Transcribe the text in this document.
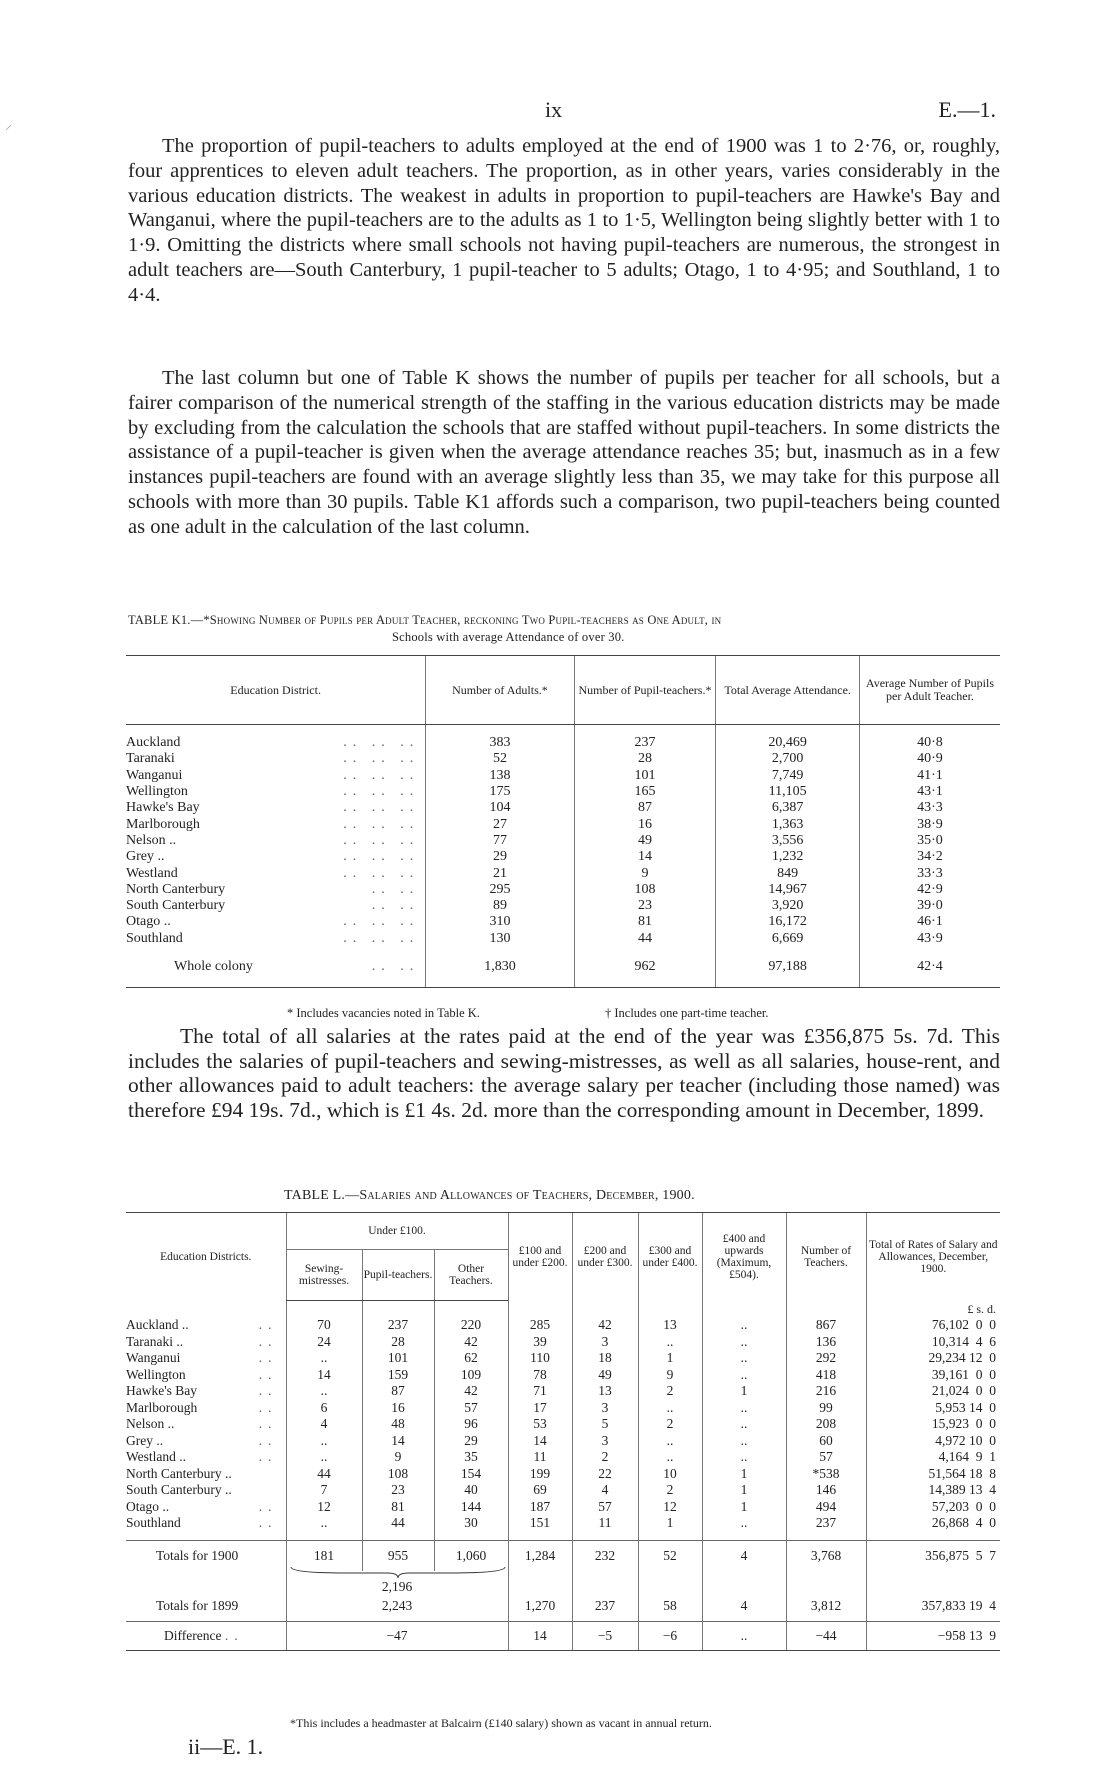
ix	E.—1.
⸝

The proportion of pupil-teachers to adults employed at the end of 1900 was 1 to 2·76, or, roughly, four apprentices to eleven adult teachers. The proportion, as in other years, varies considerably in the various education districts. The weakest in adults in proportion to pupil-teachers are Hawke's Bay and Wanganui, where the pupil-teachers are to the adults as 1 to 1·5, Wellington being slightly better with 1 to 1·9. Omitting the districts where small schools not having pupil-teachers are numerous, the strongest in adult teachers are—South Canterbury, 1 pupil-teacher to 5 adults; Otago, 1 to 4·95; and Southland, 1 to 4·4.

The last column but one of Table K shows the number of pupils per teacher for all schools, but a fairer comparison of the numerical strength of the staffing in the various education districts may be made by excluding from the calculation the schools that are staffed without pupil-teachers. In some districts the assistance of a pupil-teacher is given when the average attendance reaches 35; but, inasmuch as in a few instances pupil-teachers are found with an average slightly less than 35, we may take for this purpose all schools with more than 30 pupils. Table K1 affords such a comparison, two pupil-teachers being counted as one adult in the calculation of the last column.

TABLE K1.—*Showing Number of Pupils per Adult Teacher, reckoning Two Pupil-teachers as One Adult, in
Schools with average Attendance of over 30.
Education District.	Number of Adults.*	Number of Pupil-teachers.*	Total Average Attendance.	Average Number of Pupils per Adult Teacher.

Auckland .. .. ..	383	237	20,469	40·8
Taranaki .. .. ..	52	28	2,700	40·9
Wanganui .. .. ..	138	101	7,749	41·1
Wellington .. .. ..	175	165	11,105	43·1
Hawke's Bay .. .. ..	104	87	6,387	43·3
Marlborough .. .. ..	27	16	1,363	38·9
Nelson .. .. .. ..	77	49	3,556	35·0
Grey .. .. .. ..	29	14	1,232	34·2
Westland .. .. ..	21	9	849	33·3
North Canterbury .. ..	295	108	14,967	42·9
South Canterbury .. ..	89	23	3,920	39·0
Otago .. .. .. ..	310	81	16,172	46·1
Southland .. .. ..	130	44	6,669	43·9
Whole colony .. ..	1,830	962	97,188	42·4
* Includes vacancies noted in Table K.	† Includes one part-time teacher.

The total of all salaries at the rates paid at the end of the year was £356,875 5s. 7d. This includes the salaries of pupil-teachers and sewing-mistresses, as well as all salaries, house-rent, and other allowances paid to adult teachers: the average salary per teacher (including those named) was therefore £94 19s. 7d., which is £1 4s. 2d. more than the corresponding amount in December, 1899.

TABLE L.—Salaries and Allowances of Teachers, December, 1900.
Education Districts.	Under £100.			£100 and under £200.	£200 and under £300.	£300 and under £400.	£400 and upwards (Maximum, £504).	Number of Teachers.	Total of Rates of Salary and Allowances, December, 1900.
	Sewing-mistresses.	Pupil-teachers.	Other Teachers.						
									£ s. d.
Auckland .. ..	70	237	220	285	42	13	..	867	76,102  0  0
Taranaki .. ..	24	28	42	39	3	..	..	136	10,314  4  6
Wanganui ..	..	101	62	110	18	1	..	292	29,234 12  0
Wellington ..	14	159	109	78	49	9	..	418	39,161  0  0
Hawke's Bay ..	..	87	42	71	13	2	1	216	21,024  0  0
Marlborough ..	6	16	57	17	3	..	..	99	5,953 14  0
Nelson .. ..	4	48	96	53	5	2	..	208	15,923  0  0
Grey .. ..	..	14	29	14	3	..	..	60	4,972 10  0
Westland .. ..	..	9	35	11	2	..	..	57	4,164  9  1
North Canterbury ..	44	108	154	199	22	10	1	*538	51,564 18  8
South Canterbury ..	7	23	40	69	4	2	1	146	14,389 13  4
Otago .. ..	12	81	144	187	57	12	1	494	57,203  0  0
Southland ..	..	44	30	151	11	1	..	237	26,868  4  0

Totals for 1900	181	955	1,060	1,284	232	52	4	3,768	356,875  5  7

2,196								
Totals for 1899	2,243			1,270	237	58	4	3,812	357,833 19  4
Difference ..	−47			14	−5	−6	..	−44	−958 13  9
*This includes a headmaster at Balcairn (£140 salary) shown as vacant in annual return.
ii—E. 1.
